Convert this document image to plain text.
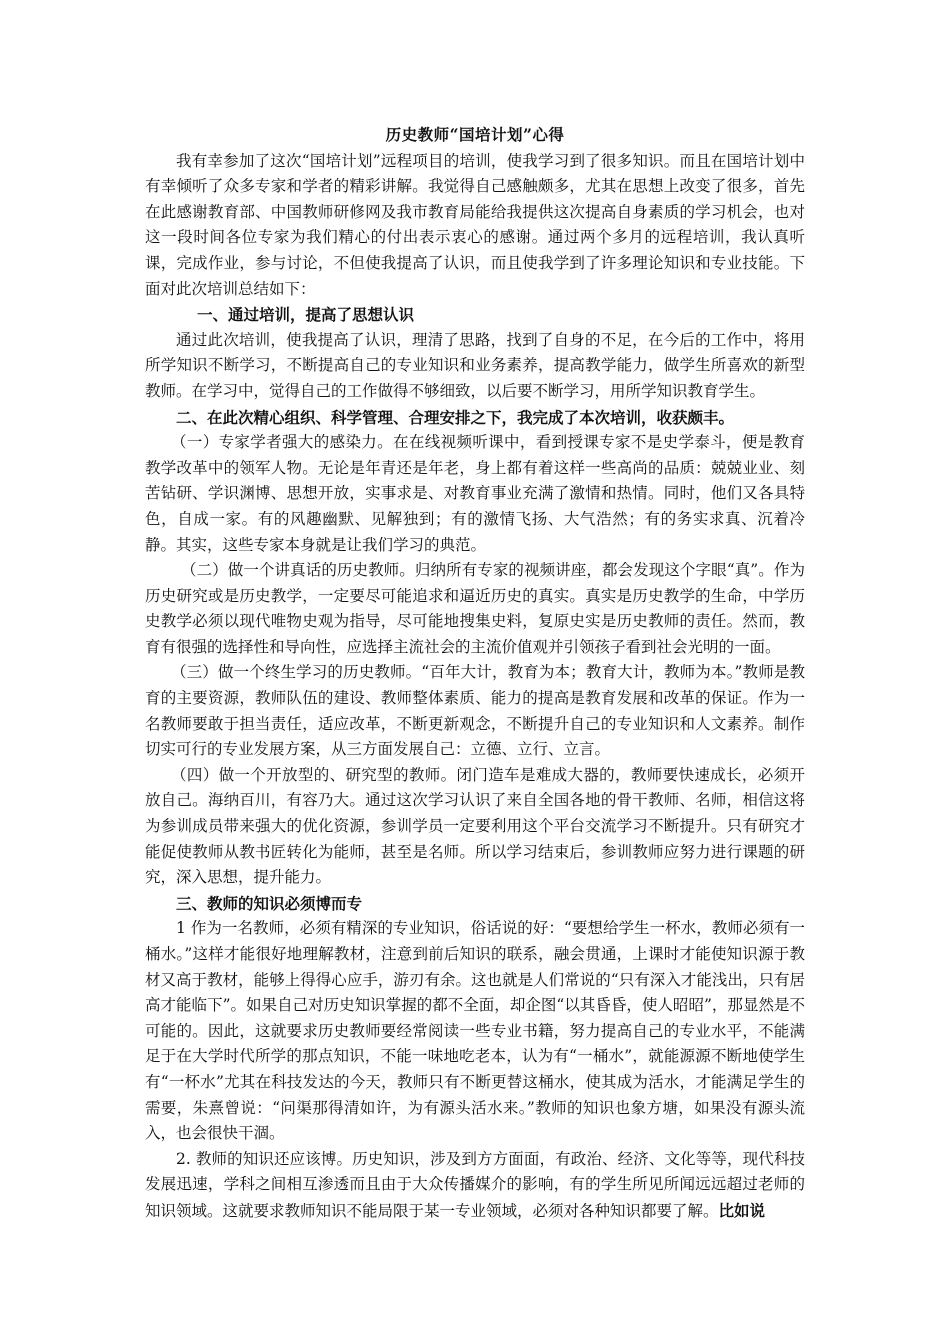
历史教师“国培计划”心得

我有幸参加了这次“国培计划”远程项目的培训，使我学习到了很多知识。而且在国培计划中有幸倾听了众多专家和学者的精彩讲解。我觉得自己感触颇多，尤其在思想上改变了很多，首先在此感谢教育部、中国教师研修网及我市教育局能给我提供这次提高自身素质的学习机会，也对这一段时间各位专家为我们精心的付出表示衷心的感谢。通过两个多月的远程培训，我认真听课，完成作业，参与讨论，不但使我提高了认识，而且使我学到了许多理论知识和专业技能。下面对此次培训总结如下：

一、通过培训，提高了思想认识

通过此次培训，使我提高了认识，理清了思路，找到了自身的不足，在今后的工作中，将用所学知识不断学习，不断提高自己的专业知识和业务素养，提高教学能力，做学生所喜欢的新型教师。在学习中，觉得自己的工作做得不够细致，以后要不断学习，用所学知识教育学生。

二、在此次精心组织、科学管理、合理安排之下，我完成了本次培训，收获颇丰。

（一）专家学者强大的感染力。在在线视频听课中，看到授课专家不是史学泰斗，便是教育教学改革中的领军人物。无论是年青还是年老，身上都有着这样一些高尚的品质：兢兢业业、刻苦钻研、学识渊博、思想开放，实事求是、对教育事业充满了激情和热情。同时，他们又各具特色，自成一家。有的风趣幽默、见解独到；有的激情飞扬、大气浩然；有的务实求真、沉着冷静。其实，这些专家本身就是让我们学习的典范。

（二）做一个讲真话的历史教师。归纳所有专家的视频讲座，都会发现这个字眼“真”。作为历史研究或是历史教学，一定要尽可能追求和逼近历史的真实。真实是历史教学的生命，中学历史教学必须以现代唯物史观为指导，尽可能地搜集史料，复原史实是历史教师的责任。然而，教育有很强的选择性和导向性，应选择主流社会的主流价值观并引领孩子看到社会光明的一面。

（三）做一个终生学习的历史教师。“百年大计，教育为本；教育大计，教师为本。”教师是教育的主要资源，教师队伍的建设、教师整体素质、能力的提高是教育发展和改革的保证。作为一名教师要敢于担当责任，适应改革，不断更新观念，不断提升自己的专业知识和人文素养。制作切实可行的专业发展方案，从三方面发展自己：立德、立行、立言。

（四）做一个开放型的、研究型的教师。闭门造车是难成大器的，教师要快速成长，必须开放自己。海纳百川，有容乃大。通过这次学习认识了来自全国各地的骨干教师、名师，相信这将为参训成员带来强大的优化资源，参训学员一定要利用这个平台交流学习不断提升。只有研究才能促使教师从教书匠转化为能师，甚至是名师。所以学习结束后，参训教师应努力进行课题的研究，深入思想，提升能力。

三、教师的知识必须博而专

1 作为一名教师，必须有精深的专业知识，俗话说的好：“要想给学生一杯水，教师必须有一桶水。”这样才能很好地理解教材，注意到前后知识的联系，融会贯通，上课时才能使知识源于教材又高于教材，能够上得得心应手，游刃有余。这也就是人们常说的“只有深入才能浅出，只有居高才能临下”。如果自己对历史知识掌握的都不全面，却企图“以其昏昏，使人昭昭”，那显然是不可能的。因此，这就要求历史教师要经常阅读一些专业书籍，努力提高自己的专业水平，不能满足于在大学时代所学的那点知识，不能一味地吃老本，认为有“一桶水”，就能源源不断地使学生有“一杯水”尤其在科技发达的今天，教师只有不断更替这桶水，使其成为活水，才能满足学生的需要，朱熹曾说：“问渠那得清如许，为有源头活水来。”教师的知识也象方塘，如果没有源头流入，也会很快干涸。

2. 教师的知识还应该博。历史知识，涉及到方方面面，有政治、经济、文化等等，现代科技发展迅速，学科之间相互渗透而且由于大众传播媒介的影响，有的学生所见所闻远远超过老师的知识领域。这就要求教师知识不能局限于某一专业领域，必须对各种知识都要了解。比如说
